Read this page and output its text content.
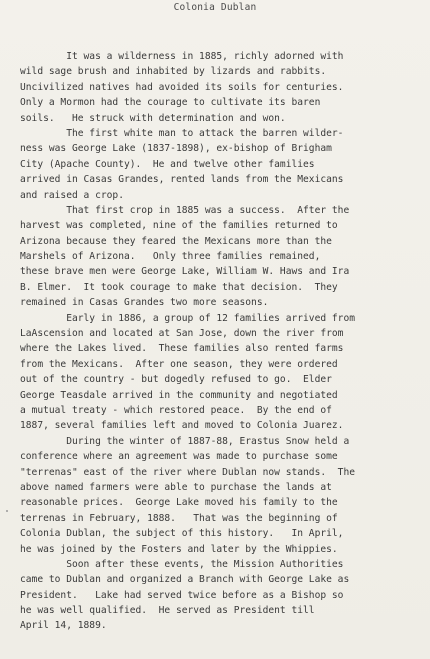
Colonia Dublan
It was a wilderness in 1885, richly adorned with
wild sage brush and inhabited by lizards and rabbits.
Uncivilized natives had avoided its soils for centuries.
Only a Mormon had the courage to cultivate its baren
soils.   He struck with determination and won.
The first white man to attack the barren wilder-
ness was George Lake (1837-1898), ex-bishop of Brigham
City (Apache County).  He and twelve other families
arrived in Casas Grandes, rented lands from the Mexicans
and raised a crop.
That first crop in 1885 was a success.  After the
harvest was completed, nine of the families returned to
Arizona because they feared the Mexicans more than the
Marshels of Arizona.   Only three families remained,
these brave men were George Lake, William W. Haws and Ira
B. Elmer.  It took courage to make that decision.  They
remained in Casas Grandes two more seasons.
Early in 1886, a group of 12 families arrived from
LaAscension and located at San Jose, down the river from
where the Lakes lived.  These families also rented farms
from the Mexicans.  After one season, they were ordered
out of the country - but dogedly refused to go.  Elder
George Teasdale arrived in the community and negotiated
a mutual treaty - which restored peace.  By the end of
1887, several families left and moved to Colonia Juarez.
During the winter of 1887-88, Erastus Snow held a
conference where an agreement was made to purchase some
"terrenas" east of the river where Dublan now stands.  The
above named farmers were able to purchase the lands at
reasonable prices.  George Lake moved his family to the
terrenas in February, 1888.   That was the beginning of
Colonia Dublan, the subject of this history.   In April,
he was joined by the Fosters and later by the Whippies.
Soon after these events, the Mission Authorities
came to Dublan and organized a Branch with George Lake as
President.   Lake had served twice before as a Bishop so
he was well qualified.  He served as President till
April 14, 1889.
